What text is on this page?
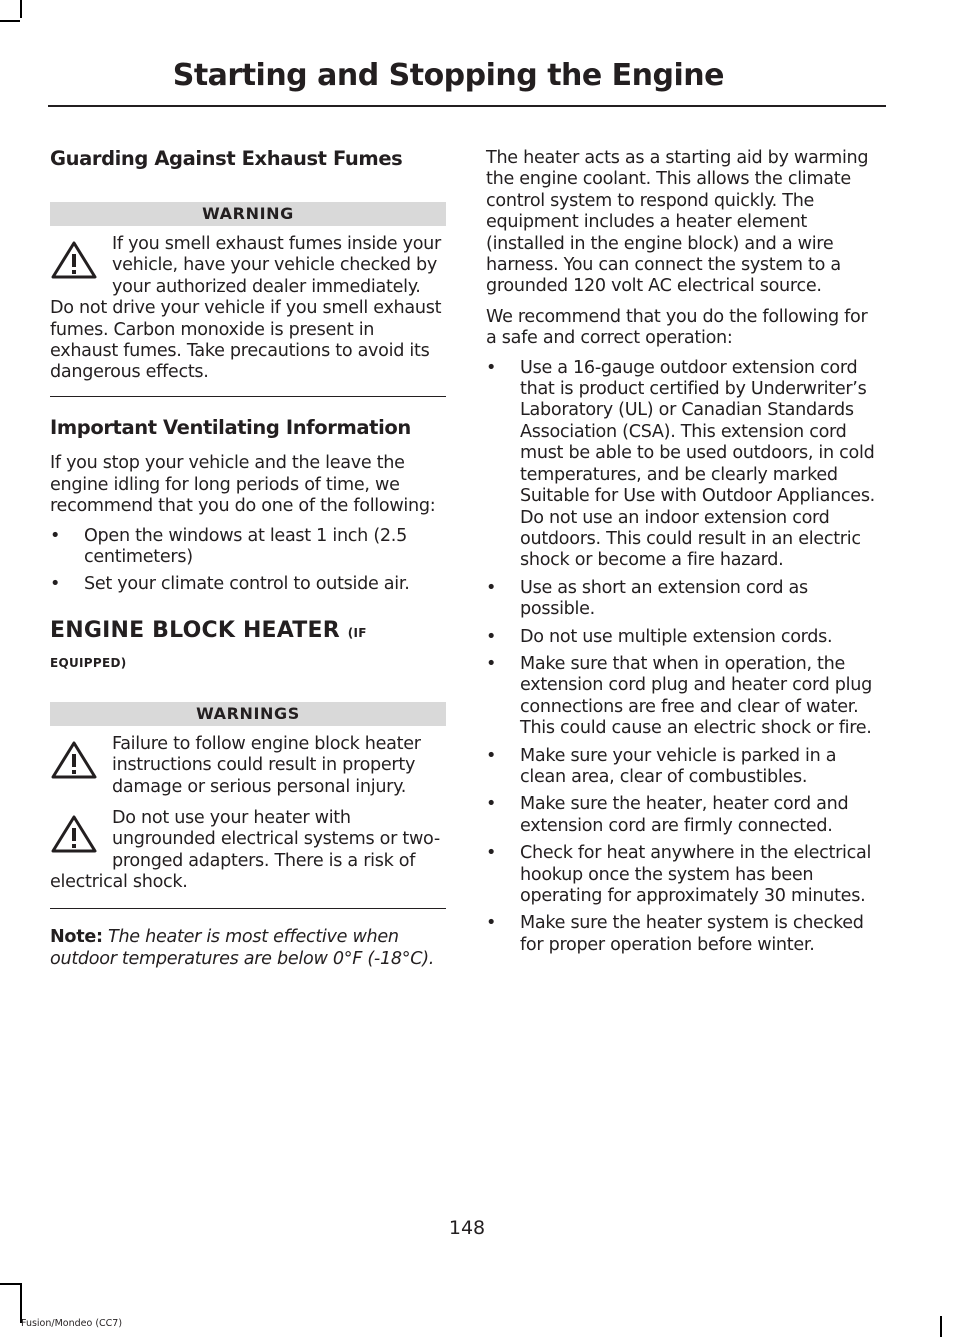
Starting and Stopping the Engine
Guarding Against Exhaust Fumes
WARNING

If you smell exhaust fumes inside your vehicle, have your vehicle checked by your authorized dealer immediately. Do not drive your vehicle if you smell exhaust fumes. Carbon monoxide is present in exhaust fumes. Take precautions to avoid its dangerous effects.

Important Ventilating Information

If you stop your vehicle and the leave the engine idling for long periods of time, we recommend that you do one of the following:

• Open the windows at least 1 inch (2.5 centimeters)
• Set your climate control to outside air.
ENGINE BLOCK HEATER (IF
EQUIPPED)
WARNINGS

Failure to follow engine block heater instructions could result in property damage or serious personal injury.

Do not use your heater with ungrounded electrical systems or two-pronged adapters. There is a risk of electrical shock.

Note: The heater is most effective when outdoor temperatures are below 0°F (-18°C).

The heater acts as a starting aid by warming the engine coolant. This allows the climate control system to respond quickly. The equipment includes a heater element (installed in the engine block) and a wire harness. You can connect the system to a grounded 120 volt AC electrical source.

We recommend that you do the following for a safe and correct operation:

• Use a 16-gauge outdoor extension cord that is product certified by Underwriter’s Laboratory (UL) or Canadian Standards Association (CSA). This extension cord must be able to be used outdoors, in cold temperatures, and be clearly marked Suitable for Use with Outdoor Appliances. Do not use an indoor extension cord outdoors. This could result in an electric shock or become a fire hazard.
• Use as short an extension cord as possible.
• Do not use multiple extension cords.
• Make sure that when in operation, the extension cord plug and heater cord plug connections are free and clear of water. This could cause an electric shock or fire.
• Make sure your vehicle is parked in a clean area, clear of combustibles.
• Make sure the heater, heater cord and extension cord are firmly connected.
• Check for heat anywhere in the electrical hookup once the system has been operating for approximately 30 minutes.
• Make sure the heater system is checked for proper operation before winter.
148
Fusion/Mondeo (CC7)
